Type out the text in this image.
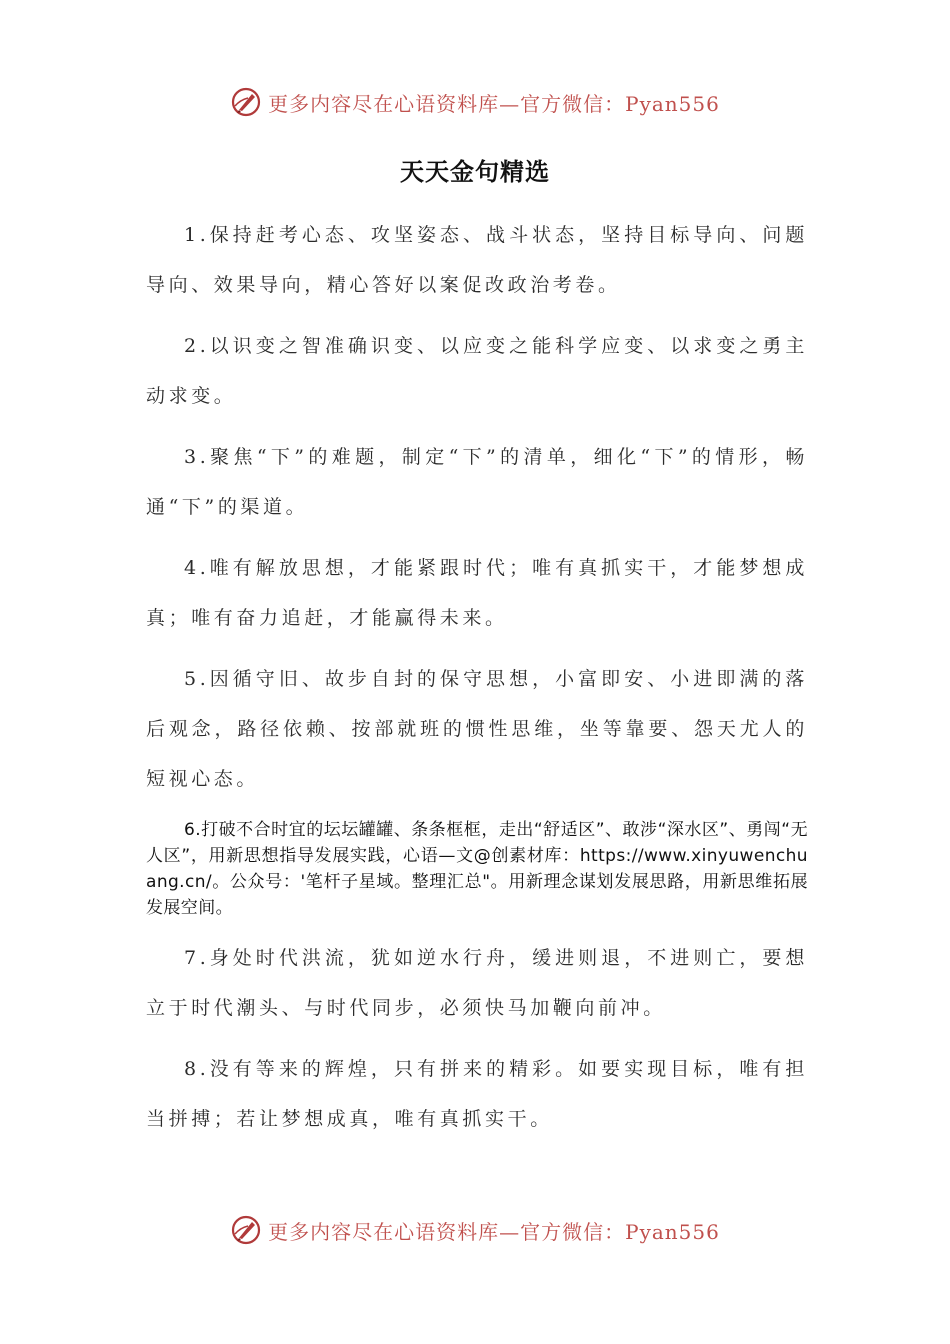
更多内容尽在心语资料库—官方微信：Pyan556
天天金句精选

1.保持赶考心态、攻坚姿态、战斗状态，坚持目标导向、问题导向、效果导向，精心答好以案促改政治考卷。

2.以识变之智准确识变、以应变之能科学应变、以求变之勇主动求变。

3.聚焦“下”的难题，制定“下”的清单，细化“下”的情形，畅通“下”的渠道。

4.唯有解放思想，才能紧跟时代；唯有真抓实干，才能梦想成真；唯有奋力追赶，才能赢得未来。

5.因循守旧、故步自封的保守思想，小富即安、小进即满的落后观念，路径依赖、按部就班的惯性思维，坐等靠要、怨天尤人的短视心态。

6.打破不合时宜的坛坛罐罐、条条框框，走出“舒适区”、敢涉“深水区”、勇闯“无人区”，用新思想指导发展实践，心语—文@创素材库：https://www.xinyuwenchuang.cn/。公众号：'笔杆子星域。整理汇总"。用新理念谋划发展思路，用新思维拓展发展空间。

7.身处时代洪流，犹如逆水行舟，缓进则退，不进则亡，要想立于时代潮头、与时代同步，必须快马加鞭向前冲。

8.没有等来的辉煌，只有拼来的精彩。如要实现目标，唯有担当拼搏；若让梦想成真，唯有真抓实干。

更多内容尽在心语资料库—官方微信：Pyan556
